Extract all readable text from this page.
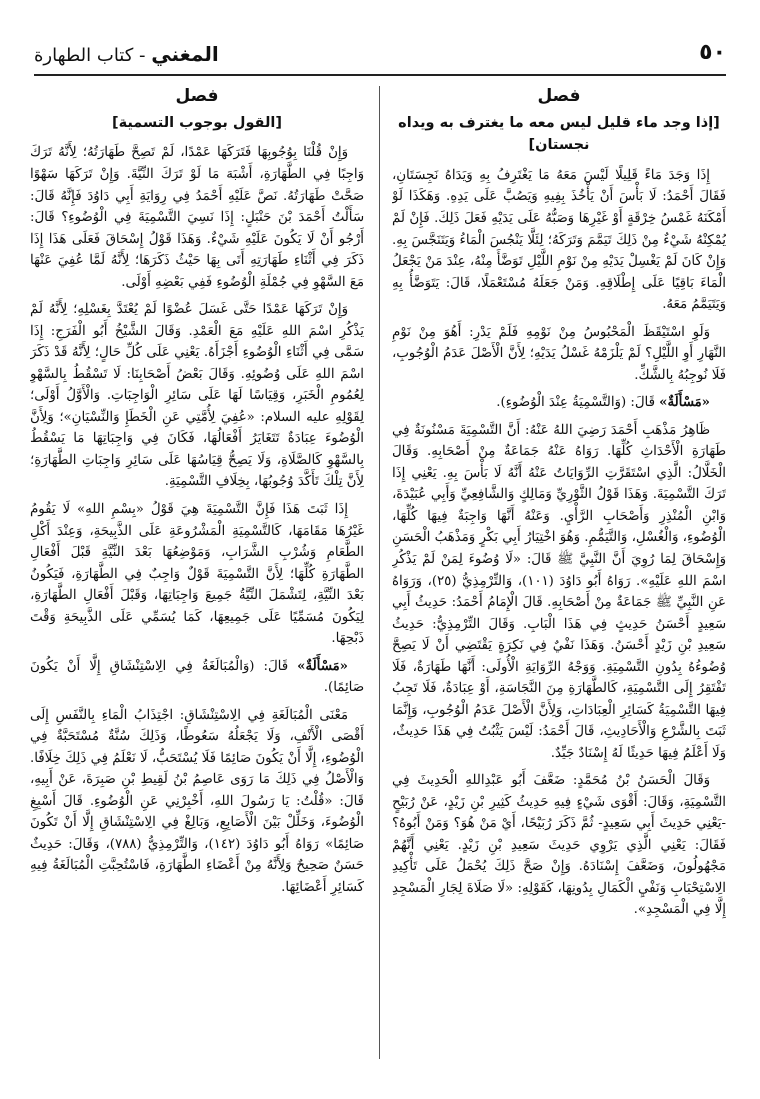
٥٠
المغني - كتاب الطهارة
فصل
[إذا وجد ماء قليل ليس معه ما يغترف به ويداه نجستان]

إِذَا وَجَدَ مَاءً قَلِيلًا لَيْسَ مَعَهُ مَا يَغْتَرِفُ بِهِ وَيَدَاهُ نَجِسَتَانِ، فَقَالَ أَحْمَدُ: لَا بَأْسَ أَنْ يَأْخُذَ بِفِيهِ وَيَصُبَّ عَلَى يَدِهِ. وَهَكَذَا لَوْ أَمْكَنَهُ غَمْسُ خِرْقَةٍ أَوْ غَيْرِهَا وَصَبُّهُ عَلَى يَدَيْهِ فَعَلَ ذَلِكَ. فَإِنْ لَمْ يُمْكِنْهُ شَيْءٌ مِنْ ذَلِكَ تَيَمَّمَ وَتَرَكَهُ؛ لِئَلَّا يَنْجُسَ الْمَاءُ وَيَتَنَجَّسَ بِهِ. وَإِنْ كَانَ لَمْ يَغْسِلْ يَدَيْهِ مِنْ نَوْمِ اللَّيْلِ تَوَضَّأَ مِنْهُ، عِنْدَ مَنْ يَجْعَلُ الْمَاءَ بَاقِيًا عَلَى إِطْلَاقِهِ. وَمَنْ جَعَلَهُ مُسْتَعْمَلًا، قَالَ: يَتَوَضَّأُ بِهِ وَيَتَيَمَّمُ مَعَهُ.

وَلَوِ اسْتَيْقَظَ الْمَحْبُوسُ مِنْ نَوْمِهِ فَلَمْ يَدْرِ: أَهُوَ مِنْ نَوْمِ النَّهَارِ أَوِ اللَّيْلِ؟ لَمْ يَلْزَمْهُ غَسْلُ يَدَيْهِ؛ لِأَنَّ الْأَصْلَ عَدَمُ الْوُجُوبِ، فَلَا نُوجِبُهُ بِالشَّكِّ.

«مَسْأَلَةٌ» قَالَ: (وَالتَّسْمِيَةُ عِنْدَ الْوُضُوءِ).

ظَاهِرُ مَذْهَبِ أَحْمَدَ رَضِيَ اللهُ عَنْهُ: أَنَّ التَّسْمِيَةَ مَسْنُونَةٌ فِي طَهَارَةِ الْأَحْدَاثِ كُلِّهَا. رَوَاهُ عَنْهُ جَمَاعَةٌ مِنْ أَصْحَابِهِ. وَقَالَ الْخَلَّالُ: الَّذِي اسْتَقَرَّتِ الرِّوَايَاتُ عَنْهُ أَنَّهُ لَا بَأْسَ بِهِ. يَعْنِي إِذَا تَرَكَ التَّسْمِيَةَ. وَهَذَا قَوْلُ الثَّوْرِيِّ وَمَالِكٍ وَالشَّافِعِيِّ وَأَبِي عُبَيْدَةَ، وَابْنِ الْمُنْذِرِ وَأَصْحَابِ الرَّأْيِ. وَعَنْهُ أَنَّهَا وَاجِبَةٌ فِيهَا كُلِّهَا، الْوُضُوءِ، وَالْغُسْلِ، وَالتَّيَمُّمِ. وَهُوَ اخْتِيَارُ أَبِي بَكْرٍ وَمَذْهَبُ الْحَسَنِ وَإِسْحَاقَ لِمَا رُوِيَ أَنَّ النَّبِيَّ ﷺ قَالَ: «لَا وُضُوءَ لِمَنْ لَمْ يَذْكُرِ اسْمَ اللهِ عَلَيْهِ». رَوَاهُ أَبُو دَاوُدَ (١٠١)، وَالتِّرْمِذِيُّ (٢٥)، وَرَوَاهُ عَنِ النَّبِيِّ ﷺ جَمَاعَةٌ مِنْ أَصْحَابِهِ. قَالَ الْإِمَامُ أَحْمَدُ: حَدِيثُ أَبِي سَعِيدٍ أَحْسَنُ حَدِيثٍ فِي هَذَا الْبَابِ. وَقَالَ التِّرْمِذِيُّ: حَدِيثُ سَعِيدِ بْنِ زَيْدٍ أَحْسَنُ. وَهَذَا نَفْيٌ فِي نَكِرَةٍ يَقْتَضِي أَنْ لَا يَصِحَّ وُضُوءُهُ بِدُونِ التَّسْمِيَةِ. وَوَجْهُ الرِّوَايَةِ الْأُولَى: أَنَّهَا طَهَارَةٌ، فَلَا تَفْتَقِرُ إِلَى التَّسْمِيَةِ، كَالطَّهَارَةِ مِنَ النَّجَاسَةِ، أَوْ عِبَادَةٌ، فَلَا تَجِبُ فِيهَا التَّسْمِيَةُ كَسَائِرِ الْعِبَادَاتِ، وَلِأَنَّ الْأَصْلَ عَدَمُ الْوُجُوبِ، وَإِنَّمَا ثَبَتَ بِالشَّرْعِ وَالْأَحَادِيثِ، قَالَ أَحْمَدُ: لَيْسَ يَثْبُتُ فِي هَذَا حَدِيثٌ، وَلَا أَعْلَمُ فِيهَا حَدِيثًا لَهُ إِسْنَادٌ جَيِّدٌ.

وَقَالَ الْحَسَنُ بْنُ مُحَمَّدٍ: ضَعَّفَ أَبُو عَبْدِاللهِ الْحَدِيثَ فِي التَّسْمِيَةِ، وَقَالَ: أَقْوَى شَيْءٍ فِيهِ حَدِيثُ كَثِيرِ بْنِ زَيْدٍ، عَنْ رُبَيْحٍ -يَعْنِي حَدِيثَ أَبِي سَعِيدٍ- ثُمَّ ذَكَرَ رُبَيْحًا، أَيْ مَنْ هُوَ؟ وَمَنْ أَبُوهُ؟ فَقَالَ: يَعْنِي الَّذِي يَرْوِي حَدِيثَ سَعِيدِ بْنِ زَيْدٍ. يَعْنِي أَنَّهُمْ مَجْهُولُونَ، وَضَعَّفَ إِسْنَادَهُ. وَإِنْ صَحَّ ذَلِكَ يُحْمَلُ عَلَى تَأْكِيدِ الِاسْتِحْبَابِ وَنَفْيِ الْكَمَالِ بِدُونِهَا، كَقَوْلِهِ: «لَا صَلَاةَ لِجَارِ الْمَسْجِدِ إِلَّا فِي الْمَسْجِدِ».

فصل
[القول بوجوب التسمية]

وَإِنْ قُلْنَا بِوُجُوبِهَا فَتَرَكَهَا عَمْدًا، لَمْ تَصِحَّ طَهَارَتُهُ؛ لِأَنَّهُ تَرَكَ وَاجِبًا فِي الطَّهَارَةِ، أَشْبَهَ مَا لَوْ تَرَكَ النِّيَّةَ. وَإِنْ تَرَكَهَا سَهْوًا صَحَّتْ طَهَارَتُهُ. نَصَّ عَلَيْهِ أَحْمَدُ فِي رِوَايَةِ أَبِي دَاوُدَ فَإِنَّهُ قَالَ: سَأَلْتُ أَحْمَدَ بْنَ حَنْبَلٍ: إِذَا نَسِيَ التَّسْمِيَةَ فِي الْوُضُوءِ؟ قَالَ: أَرْجُو أَنْ لَا يَكُونَ عَلَيْهِ شَيْءٌ. وَهَذَا قَوْلُ إِسْحَاقَ فَعَلَى هَذَا إِذَا ذَكَرَ فِي أَثْنَاءِ طَهَارَتِهِ أَتَى بِهَا حَيْثُ ذَكَرَهَا؛ لِأَنَّهُ لَمَّا عُفِيَ عَنْهَا مَعَ السَّهْوِ فِي جُمْلَةِ الْوُضُوءِ فَفِي بَعْضِهِ أَوْلَى.

وَإِنْ تَرَكَهَا عَمْدًا حَتَّى غَسَلَ عُضْوًا لَمْ يُعْتَدَّ بِغَسْلِهِ؛ لِأَنَّهُ لَمْ يَذْكُرِ اسْمَ اللهِ عَلَيْهِ مَعَ الْعَمْدِ. وَقَالَ الشَّيْخُ أَبُو الْفَرَجِ: إِذَا سَمَّى فِي أَثْنَاءِ الْوُضُوءِ أَجْزَأَهُ. يَعْنِي عَلَى كُلِّ حَالٍ؛ لِأَنَّهُ قَدْ ذَكَرَ اسْمَ اللهِ عَلَى وُضُوئِهِ. وَقَالَ بَعْضُ أَصْحَابِنَا: لَا تَسْقُطُ بِالسَّهْوِ لِعُمُومِ الْخَبَرِ، وَقِيَاسًا لَهَا عَلَى سَائِرِ الْوَاجِبَاتِ. وَالْأَوَّلُ أَوْلَى؛ لِقَوْلِهِ عليه السلام: «عُفِيَ لِأُمَّتِي عَنِ الْخَطَإِ وَالنِّسْيَانِ»؛ وَلِأَنَّ الْوُضُوءَ عِبَادَةٌ تَتَغَايَرُ أَفْعَالُهَا، فَكَانَ فِي وَاجِبَاتِهَا مَا يَسْقُطُ بِالسَّهْوِ كَالصَّلَاةِ، وَلَا يَصِحُّ قِيَاسُهَا عَلَى سَائِرِ وَاجِبَاتِ الطَّهَارَةِ؛ لِأَنَّ تِلْكَ تَأَكَّدَ وُجُوبُهَا، بِخِلَافِ التَّسْمِيَةِ.

إِذَا ثَبَتَ هَذَا فَإِنَّ التَّسْمِيَةَ هِيَ قَوْلُ «بِسْمِ اللهِ» لَا يَقُومُ غَيْرُهَا مَقَامَهَا، كَالتَّسْمِيَةِ الْمَشْرُوعَةِ عَلَى الذَّبِيحَةِ، وَعِنْدَ أَكْلِ الطَّعَامِ وَشُرْبِ الشَّرَابِ، وَمَوْضِعُهَا بَعْدَ النِّيَّةِ قَبْلَ أَفْعَالِ الطَّهَارَةِ كُلِّهَا؛ لِأَنَّ التَّسْمِيَةَ قَوْلٌ وَاجِبٌ فِي الطَّهَارَةِ، فَيَكُونُ بَعْدَ النِّيَّةِ، لِتَشْمَلَ النِّيَّةُ جَمِيعَ وَاجِبَاتِهَا، وَقَبْلَ أَفْعَالِ الطَّهَارَةِ، لِيَكُونَ مُسَمِّيًا عَلَى جَمِيعِهَا، كَمَا يُسَمِّي عَلَى الذَّبِيحَةِ وَقْتَ ذَبْحِهَا.

«مَسْأَلَةٌ» قَالَ: (وَالْمُبَالَغَةُ فِي الِاسْتِنْشَاقِ إِلَّا أَنْ يَكُونَ صَائِمًا).

مَعْنَى الْمُبَالَغَةِ فِي الِاسْتِنْشَاقِ: اجْتِذَابُ الْمَاءِ بِالنَّفَسِ إِلَى أَقْصَى الْأَنْفِ، وَلَا يَجْعَلُهُ سَعُوطًا، وَذَلِكَ سُنَّةٌ مُسْتَحَبَّةٌ فِي الْوُضُوءِ، إِلَّا أَنْ يَكُونَ صَائِمًا فَلَا يُسْتَحَبُّ، لَا نَعْلَمُ فِي ذَلِكَ خِلَافًا. وَالْأَصْلُ فِي ذَلِكَ مَا رَوَى عَاصِمُ بْنُ لَقِيطِ بْنِ صَبِرَةَ، عَنْ أَبِيهِ، قَالَ: «قُلْتُ: يَا رَسُولَ اللهِ، أَخْبِرْنِي عَنِ الْوُضُوءِ. قَالَ أَسْبِغِ الْوُضُوءَ، وَخَلِّلْ بَيْنَ الْأَصَابِعِ، وَبَالِغْ فِي الِاسْتِنْشَاقِ إِلَّا أَنْ تَكُونَ صَائِمًا» رَوَاهُ أَبُو دَاوُدَ (١٤٢)، وَالتِّرْمِذِيُّ (٧٨٨)، وَقَالَ: حَدِيثٌ حَسَنٌ صَحِيحٌ وَلِأَنَّهُ مِنْ أَعْضَاءِ الطَّهَارَةِ، فَاسْتُحِبَّتِ الْمُبَالَغَةُ فِيهِ كَسَائِرِ أَعْضَائِهَا.
